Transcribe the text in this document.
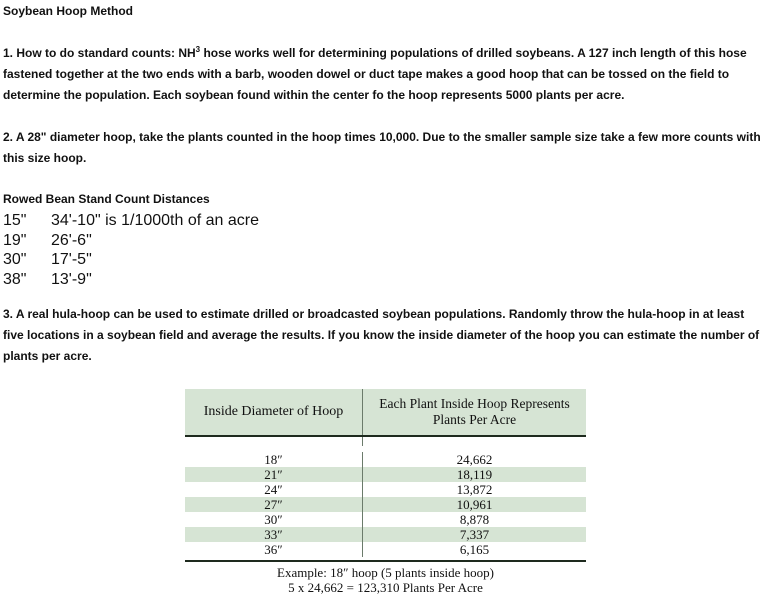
Soybean Hoop Method
1. How to do standard counts: $NH^3$ hose works well for determining populations of drilled soybeans. A 127 inch length of this hose fastened together at the two ends with a barb, wooden dowel or duct tape makes a good hoop that can be tossed on the field to determine the population. Each soybean found within the center fo the hoop represents 5000 plants per acre.
2. A 28" diameter hoop, take the plants counted in the hoop times 10,000. Due to the smaller sample size take a few more counts with this size hoop.
Rowed Bean Stand Count Distances
15"	34'-10" is 1/1000th of an acre
19"	26'-6"
30"	17'-5"
38"	13'-9"
3. A real hula-hoop can be used to estimate drilled or broadcasted soybean populations. Randomly throw the hula-hoop in at least five locations in a soybean field and average the results. If you know the inside diameter of the hoop you can estimate the number of plants per acre.
Inside Diameter of Hoop
Each Plant Inside Hoop Represents Plants Per Acre
18″	24,662
21″	18,119
24″	13,872
27″	10,961
30″	8,878
33″	7,337
36″	6,165
Example: 18″ hoop (5 plants inside hoop)
5 x 24,662 = 123,310 Plants Per Acre
